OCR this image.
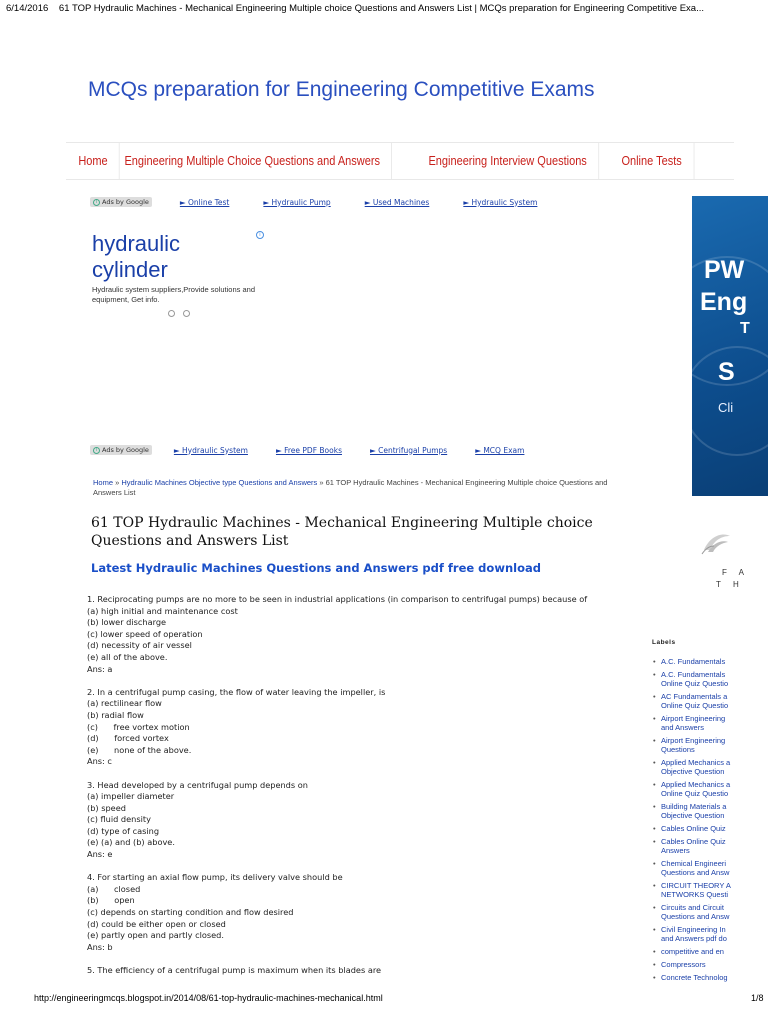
6/14/2016 61 TOP Hydraulic Machines - Mechanical Engineering Multiple choice Questions and Answers List | MCQs preparation for Engineering Competitive Exa...
MCQs preparation for Engineering Competitive Exams
Home	Engineering Multiple Choice Questions and Answers	Engineering Interview Questions	Online Tests
i Ads by Google	► Online Test	► Hydraulic Pump	► Used Machines	► Hydraulic System
hydraulic
cylinder
Hydraulic system suppliers,Provide solutions and equipment, Get info.
i
i Ads by Google	► Hydraulic System	► Free PDF Books	► Centrifugal Pumps	► MCQ Exam
Home » Hydraulic Machines Objective type Questions and Answers » 61 TOP Hydraulic Machines - Mechanical Engineering Multiple choice Questions and Answers List
61 TOP Hydraulic Machines - Mechanical Engineering Multiple choice Questions and Answers List
Latest Hydraulic Machines Questions and Answers pdf free download
1. Reciprocating pumps are no more to be seen in industrial applications (in comparison to centrifugal pumps) because of
(a) high initial and maintenance cost
(b) lower discharge
(c) lower speed of operation
(d) necessity of air vessel
(e) all of the above.
Ans: a
2. In a centrifugal pump casing, the flow of water leaving the impeller, is
(a) rectilinear flow
(b) radial flow
(c)      free vortex motion
(d)      forced vortex
(e)      none of the above.
Ans: c
3. Head developed by a centrifugal pump depends on
(a) impeller diameter
(b) speed
(c) fluid density
(d) type of casing
(e) (a) and (b) above.
Ans: e
4. For starting an axial flow pump, its delivery valve should be
(a)      closed
(b)      open
(c) depends on starting condition and flow desired
(d) could be either open or closed
(e) partly open and partly closed.
Ans: b
5. The efficiency of a centrifugal pump is maximum when its blades are
PW
Eng
T
S
Cli
F A
T H
Labels
• A.C. Fundamentals
• A.C. Fundamentals
Online Quiz Questio
• AC Fundamentals a
Online Quiz Questio
• Airport Engineering
and Answers
• Airport Engineering
Questions
• Applied Mechanics a
Objective Question
• Applied Mechanics a
Online Quiz Questio
• Building Materials a
Objective Question
• Cables Online Quiz
• Cables Online Quiz
Answers
• Chemical Engineeri
Questions and Answ
• CIRCUIT THEORY A
NETWORKS Questi
• Circuits and Circuit
Questions and Answ
• Civil Engineering In
and Answers pdf do
• competitive and en
• Compressors
• Concrete Technolog
http://engineeringmcqs.blogspot.in/2014/08/61-top-hydraulic-machines-mechanical.html	1/8
